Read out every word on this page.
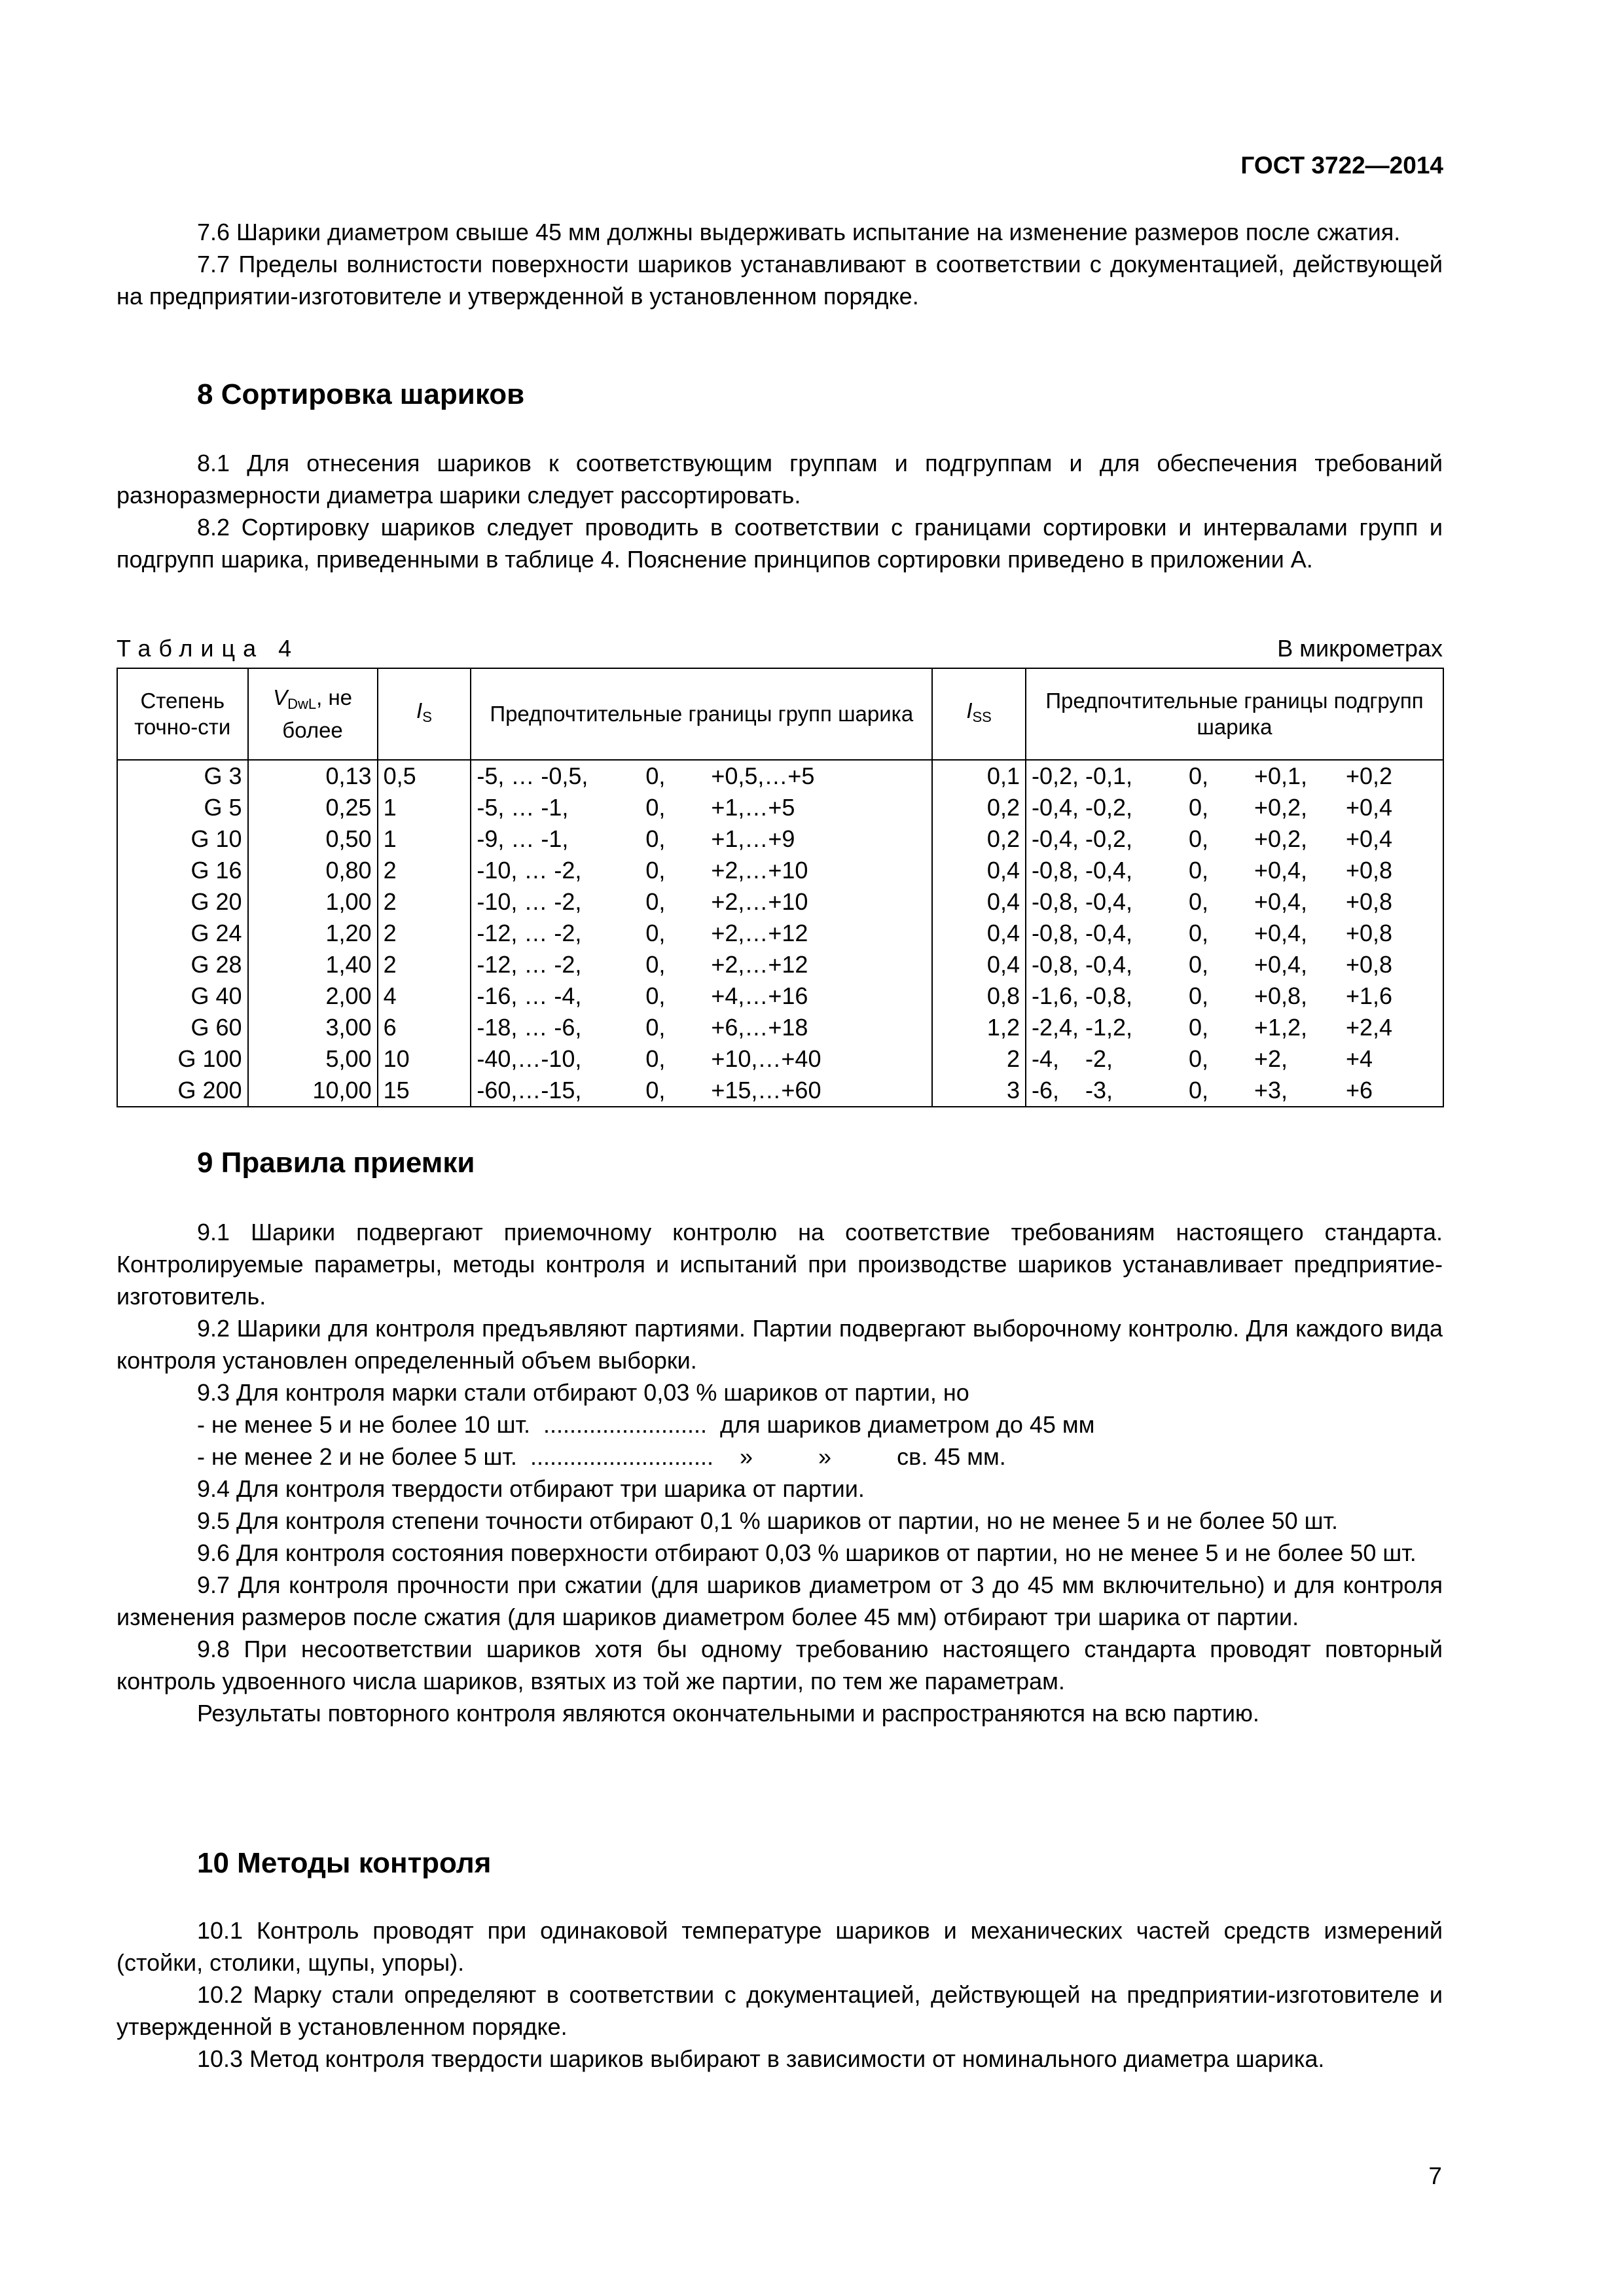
ГОСТ 3722—2014

7.6 Шарики диаметром свыше 45 мм должны выдерживать испытание на изменение размеров после сжатия.

7.7 Пределы волнистости поверхности шариков устанавливают в соответствии с документацией, действующей на предприятии-изготовителе и утвержденной в установленном порядке.

8 Сортировка шариков

8.1 Для отнесения шариков к соответствующим группам и подгруппам и для обеспечения требований разноразмерности диаметра шарики следует рассортировать.

8.2 Сортировку шариков следует проводить в соответствии с границами сортировки и интервалами групп и подгрупп шарика, приведенными в таблице 4. Пояснение принципов сортировки приведено в приложении А.

Таблица 4	В микрометрах
Степень точно-сти	$V_{DwL}$, не более	$I_S$	Предпочтительные границы групп шарика	$I_{SS}$	Предпочтительные границы подгрупп шарика
G 3	0,13	0,5	-5, … -0,5, 0, +0,5,…+5	0,1	-0,2, -0,1, 0, +0,1, +0,2

G 5	0,25	1	-5, … -1, 0, +1,…+5	0,2	-0,4, -0,2, 0, +0,2, +0,4

G 10	0,50	1	-9, … -1, 0, +1,…+9	0,2	-0,4, -0,2, 0, +0,2, +0,4

G 16	0,80	2	-10, … -2, 0, +2,…+10	0,4	-0,8, -0,4, 0, +0,4, +0,8

G 20	1,00	2	-10, … -2, 0, +2,…+10	0,4	-0,8, -0,4, 0, +0,4, +0,8

G 24	1,20	2	-12, … -2, 0, +2,…+12	0,4	-0,8, -0,4, 0, +0,4, +0,8

G 28	1,40	2	-12, … -2, 0, +2,…+12	0,4	-0,8, -0,4, 0, +0,4, +0,8

G 40	2,00	4	-16, … -4, 0, +4,…+16	0,8	-1,6, -0,8, 0, +0,8, +1,6

G 60	3,00	6	-18, … -6, 0, +6,…+18	1,2	-2,4, -1,2, 0, +1,2, +2,4

G 100	5,00	10	-40,…-10, 0, +10,…+40	2	-4,    -2, 0, +2, +4

G 200	10,00	15	-60,…-15, 0, +15,…+60	3	-6,    -3, 0, +3, +6
9 Правила приемки

9.1 Шарики подвергают приемочному контролю на соответствие требованиям настоящего стандарта. Контролируемые параметры, методы контроля и испытаний при производстве шариков устанавливает предприятие-изготовитель.

9.2 Шарики для контроля предъявляют партиями. Партии подвергают выборочному контролю. Для каждого вида контроля установлен определенный объем выборки.

9.3 Для контроля марки стали отбирают 0,03 % шариков от партии, но

- не менее 5 и не более 10 шт.  .........................  для шариков диаметром до 45 мм

- не менее 2 и не более 5 шт.  ............................    »          »          св. 45 мм.

9.4 Для контроля твердости отбирают три шарика от партии.

9.5 Для контроля степени точности отбирают 0,1 % шариков от партии, но не менее 5 и не более 50 шт.

9.6 Для контроля состояния поверхности отбирают 0,03 % шариков от партии, но не менее 5 и не более 50 шт.

9.7 Для контроля прочности при сжатии (для шариков диаметром от 3 до 45 мм включительно) и для контроля изменения размеров после сжатия (для шариков диаметром более 45 мм) отбирают три шарика от партии.

9.8 При несоответствии шариков хотя бы одному требованию настоящего стандарта проводят повторный контроль удвоенного числа шариков, взятых из той же партии, по тем же параметрам.

Результаты повторного контроля являются окончательными и распространяются на всю партию.

10 Методы контроля

10.1 Контроль проводят при одинаковой температуре шариков и механических частей средств измерений (стойки, столики, щупы, упоры).

10.2 Марку стали определяют в соответствии с документацией, действующей на предприятии-изготовителе и утвержденной в установленном порядке.

10.3 Метод контроля твердости шариков выбирают в зависимости от номинального диаметра шарика.

7
